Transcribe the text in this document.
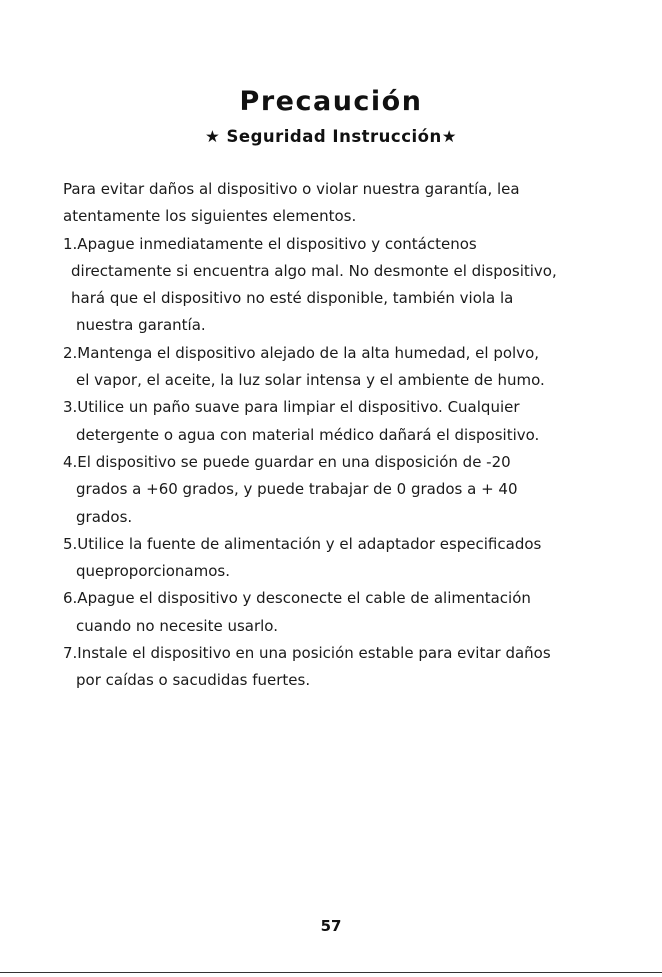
Precaución
★ Seguridad Instrucción★
Para evitar daños al dispositivo o violar nuestra garantía, lea
atentamente los siguientes elementos.
1.Apague inmediatamente el dispositivo y contáctenos
directamente si encuentra algo mal. No desmonte el dispositivo,
hará que el dispositivo no esté disponible, también viola la
nuestra garantía.
2.Mantenga el dispositivo alejado de la alta humedad, el polvo,
el vapor, el aceite, la luz solar intensa y el ambiente de humo.
3.Utilice un paño suave para limpiar el dispositivo. Cualquier
detergente o agua con material médico dañará el dispositivo.
4.El dispositivo se puede guardar en una disposición de -20
grados a +60 grados, y puede trabajar de 0 grados a + 40
grados.
5.Utilice la fuente de alimentación y el adaptador especificados
queproporcionamos.
6.Apague el dispositivo y desconecte el cable de alimentación
cuando no necesite usarlo.
7.Instale el dispositivo en una posición estable para evitar daños
por caídas o sacudidas fuertes.
57
